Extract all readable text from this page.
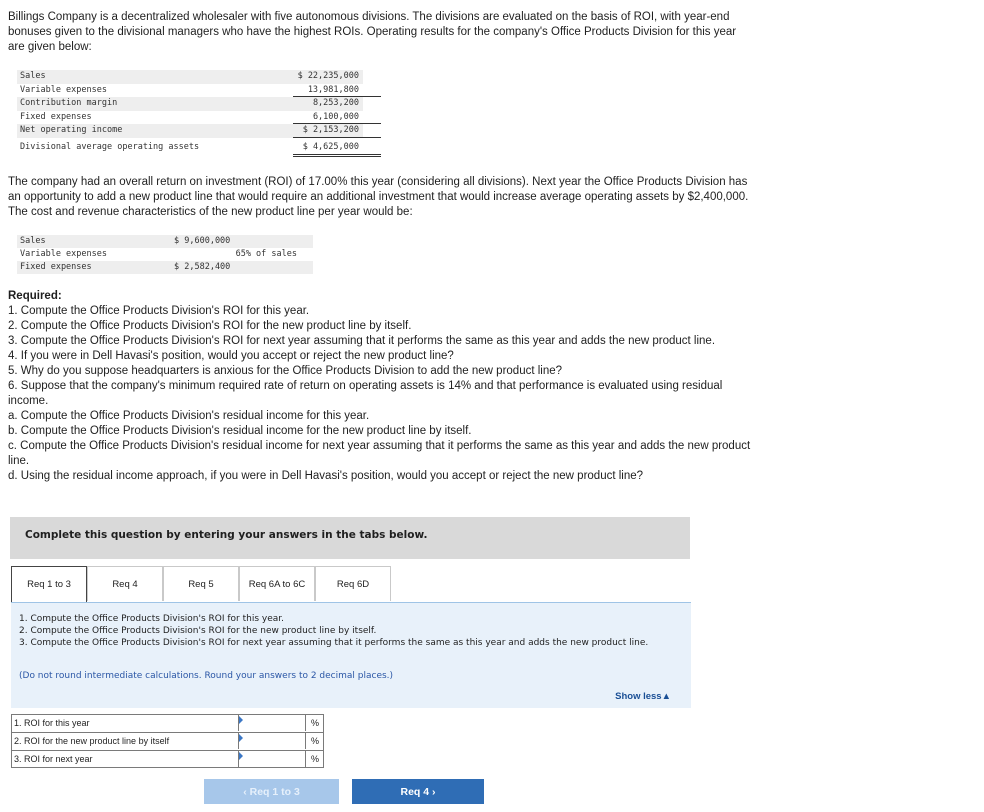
Billings Company is a decentralized wholesaler with five autonomous divisions. The divisions are evaluated on the basis of ROI, with year-end bonuses given to the divisional managers who have the highest ROIs. Operating results for the company's Office Products Division for this year are given below:

Sales	$ 22,235,000
Variable expenses	13,981,800
Contribution margin	8,253,200
Fixed expenses	6,100,000
Net operating income	$ 2,153,200
Divisional average operating assets	$ 4,625,000
The company had an overall return on investment (ROI) of 17.00% this year (considering all divisions). Next year the Office Products Division has an opportunity to add a new product line that would require an additional investment that would increase average operating assets by $2,400,000. The cost and revenue characteristics of the new product line per year would be:
Sales	$ 9,600,000
Variable expenses	65% of sales
Fixed expenses	$ 2,582,400
Required:
1. Compute the Office Products Division's ROI for this year.
2. Compute the Office Products Division's ROI for the new product line by itself.
3. Compute the Office Products Division's ROI for next year assuming that it performs the same as this year and adds the new product line.
4. If you were in Dell Havasi's position, would you accept or reject the new product line?
5. Why do you suppose headquarters is anxious for the Office Products Division to add the new product line?
6. Suppose that the company's minimum required rate of return on operating assets is 14% and that performance is evaluated using residual income.
a. Compute the Office Products Division's residual income for this year.
b. Compute the Office Products Division's residual income for the new product line by itself.
c. Compute the Office Products Division's residual income for next year assuming that it performs the same as this year and adds the new product line.
d. Using the residual income approach, if you were in Dell Havasi's position, would you accept or reject the new product line?
Complete this question by entering your answers in the tabs below.
Req 1 to 3	Req 4	Req 5	Req 6A to 6C	Req 6D
1. Compute the Office Products Division's ROI for this year.
2. Compute the Office Products Division's ROI for the new product line by itself.
3. Compute the Office Products Division's ROI for next year assuming that it performs the same as this year and adds the new product line.
(Do not round intermediate calculations. Round your answers to 2 decimal places.)
Show less▲
1. ROI for this year	%
2. ROI for the new product line by itself	%
3. ROI for next year	%
‹ Req 1 to 3	Req 4 ›
